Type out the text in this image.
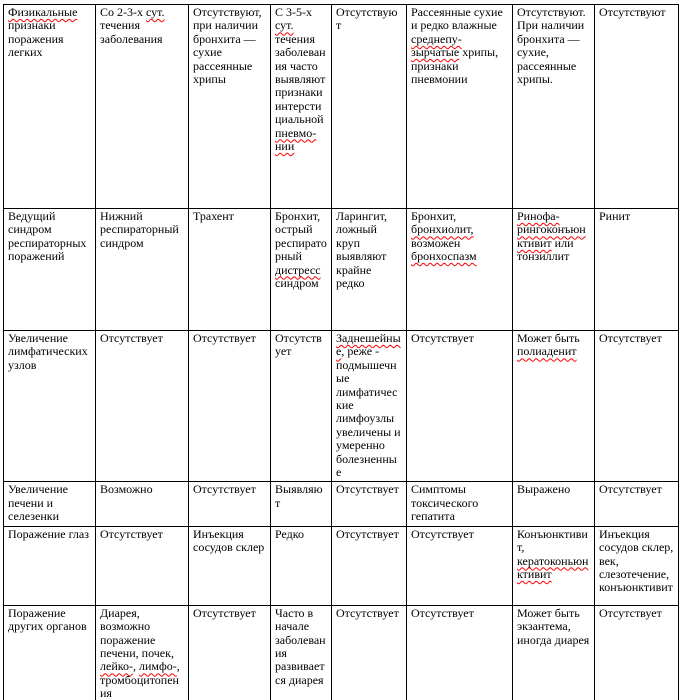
Физикальные признаки поражения легких	Со 2-3-х сут. течения заболевания	Отсутствуют, при наличии бронхита — сухие рассеянные хрипы	С 3-5-х сут. течения заболевания часто выявляют признаки интерстициальной пневмо-нии	Отсутствуют	Рассеянные сухие и редко влажные среднепу-зырчатые хрипы, признаки пневмонии	Отсутствуют. При наличии бронхита — сухие, рассеянные хрипы.	Отсутствуют
Ведущий синдром респираторных поражений	Нижний респираторный синдром	Трахент	Бронхит, острый респираторный дистресс синдром	Ларингит, ложный круп выявляют крайне редко	Бронхит, бронхиолит, возможен бронхоспазм	Ринофа-рингоконъюнктивит или тонзиллит	Ринит
Увеличение лимфатических узлов	Отсутствует	Отсутствует	Отсутствует	Заднешейные, реже - подмышечные лимфатические лимфоузлы увеличены и умеренно болезненные	Отсутствует	Может быть полиаденит	Отсутствует
Увеличение печени и селезенки	Возможно	Отсутствует	Выявляют	Отсутствует	Симптомы токсического гепатита	Выражено	Отсутствует
Поражение глаз	Отсутствует	Инъекция сосудов склер	Редко	Отсутствует	Отсутствует	Конъюнктивит, кератоконьюнктивит	Инъекция сосудов склер, век, слезотечение, конъюнктивит
Поражение других органов	Диарея, возможно поражение печени, почек, лейко-, лимфо-, тромбоцитопения	Отсутствует	Часто в начале заболевания развивается диарея	Отсутствует	Отсутствует	Может быть экзантема, иногда диарея	Отсутствует
